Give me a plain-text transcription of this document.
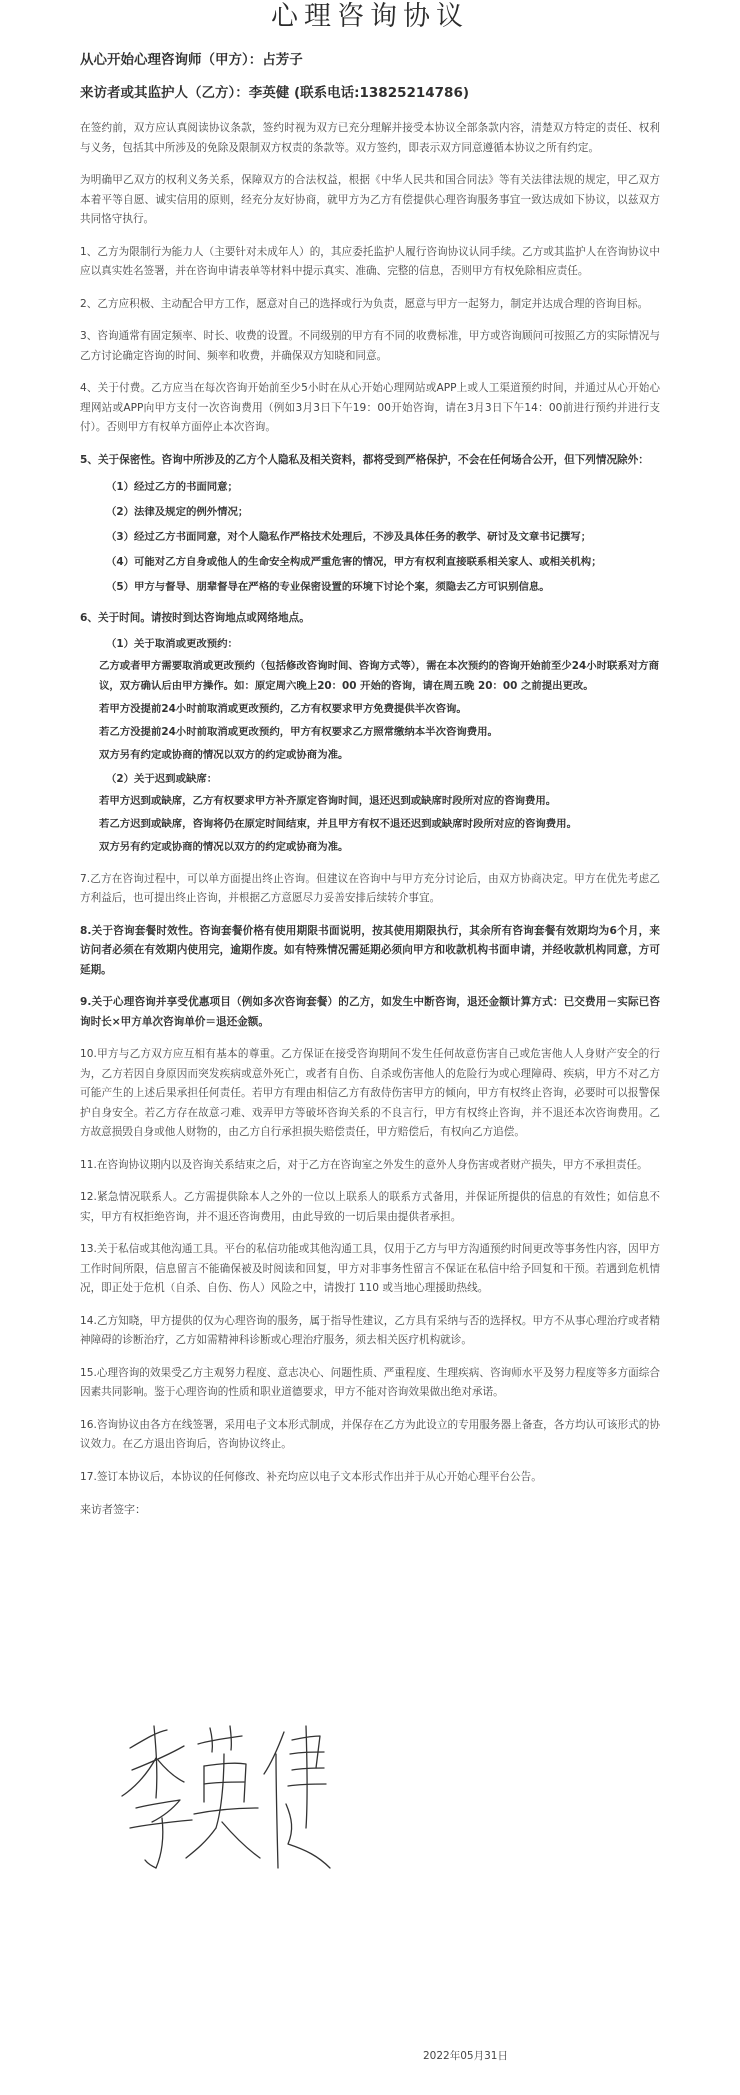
心理咨询协议

从心开始心理咨询师（甲方）：占芳子

来访者或其监护人（乙方）：李英健 (联系电话:13825214786)

在签约前，双方应认真阅读协议条款，签约时视为双方已充分理解并接受本协议全部条款内容，清楚双方特定的责任、权利与义务，包括其中所涉及的免除及限制双方权责的条款等。双方签约，即表示双方同意遵循本协议之所有约定。

为明确甲乙双方的权利义务关系，保障双方的合法权益，根据《中华人民共和国合同法》等有关法律法规的规定，甲乙双方本着平等自愿、诚实信用的原则，经充分友好协商，就甲方为乙方有偿提供心理咨询服务事宜一致达成如下协议，以兹双方共同恪守执行。

1、乙方为限制行为能力人（主要针对未成年人）的，其应委托监护人履行咨询协议认同手续。乙方或其监护人在咨询协议中应以真实姓名签署，并在咨询申请表单等材料中提示真实、准确、完整的信息，否则甲方有权免除相应责任。

2、乙方应积极、主动配合甲方工作，愿意对自己的选择或行为负责，愿意与甲方一起努力，制定并达成合理的咨询目标。

3、咨询通常有固定频率、时长、收费的设置。不同级别的甲方有不同的收费标准，甲方或咨询顾问可按照乙方的实际情况与乙方讨论确定咨询的时间、频率和收费，并确保双方知晓和同意。

4、关于付费。乙方应当在每次咨询开始前至少5小时在从心开始心理网站或APP上或人工渠道预约时间，并通过从心开始心理网站或APP向甲方支付一次咨询费用（例如3月3日下午19：00开始咨询，请在3月3日下午14：00前进行预约并进行支付）。否则甲方有权单方面停止本次咨询。

5、关于保密性。咨询中所涉及的乙方个人隐私及相关资料，都将受到严格保护，不会在任何场合公开，但下列情况除外：

（1）经过乙方的书面同意；
（2）法律及规定的例外情况；
（3）经过乙方书面同意，对个人隐私作严格技术处理后，不涉及具体任务的教学、研讨及文章书记撰写；
（4）可能对乙方自身或他人的生命安全构成严重危害的情况，甲方有权利直接联系相关家人、或相关机构；
（5）甲方与督导、朋辈督导在严格的专业保密设置的环境下讨论个案，须隐去乙方可识别信息。

6、关于时间。请按时到达咨询地点或网络地点。

（1）关于取消或更改预约：

乙方或者甲方需要取消或更改预约（包括修改咨询时间、咨询方式等），需在本次预约的咨询开始前至少24小时联系对方商议，双方确认后由甲方操作。如：原定周六晚上20：00 开始的咨询，请在周五晚 20：00 之前提出更改。

若甲方没提前24小时前取消或更改预约，乙方有权要求甲方免费提供半次咨询。

若乙方没提前24小时前取消或更改预约，甲方有权要求乙方照常缴纳本半次咨询费用。

双方另有约定或协商的情况以双方的约定或协商为准。

（2）关于迟到或缺席：

若甲方迟到或缺席，乙方有权要求甲方补齐原定咨询时间，退还迟到或缺席时段所对应的咨询费用。

若乙方迟到或缺席，咨询将仍在原定时间结束，并且甲方有权不退还迟到或缺席时段所对应的咨询费用。

双方另有约定或协商的情况以双方的约定或协商为准。

7.乙方在咨询过程中，可以单方面提出终止咨询。但建议在咨询中与甲方充分讨论后，由双方协商决定。甲方在优先考虑乙方利益后，也可提出终止咨询，并根据乙方意愿尽力妥善安排后续转介事宜。

8.关于咨询套餐时效性。咨询套餐价格有使用期限书面说明，按其使用期限执行，其余所有咨询套餐有效期均为6个月，来访问者必须在有效期内使用完，逾期作废。如有特殊情况需延期必须向甲方和收款机构书面申请，并经收款机构同意，方可延期。

9.关于心理咨询并享受优惠项目（例如多次咨询套餐）的乙方，如发生中断咨询，退还金额计算方式：已交费用－实际已咨询时长×甲方单次咨询单价＝退还金额。

10.甲方与乙方双方应互相有基本的尊重。乙方保证在接受咨询期间不发生任何故意伤害自己或危害他人人身财产安全的行为，乙方若因自身原因而突发疾病或意外死亡，或者有自伤、自杀或伤害他人的危险行为或心理障碍、疾病，甲方不对乙方可能产生的上述后果承担任何责任。若甲方有理由相信乙方有敌侍伤害甲方的倾向，甲方有权终止咨询，必要时可以报警保护自身安全。若乙方存在故意刁难、戏弄甲方等破坏咨询关系的不良言行，甲方有权终止咨询，并不退还本次咨询费用。乙方故意损毁自身或他人财物的，由乙方自行承担损失赔偿责任，甲方赔偿后，有权向乙方追偿。

11.在咨询协议期内以及咨询关系结束之后，对于乙方在咨询室之外发生的意外人身伤害或者财产损失，甲方不承担责任。

12.紧急情况联系人。乙方需提供除本人之外的一位以上联系人的联系方式备用，并保证所提供的信息的有效性；如信息不实，甲方有权拒绝咨询，并不退还咨询费用，由此导致的一切后果由提供者承担。

13.关于私信或其他沟通工具。平台的私信功能或其他沟通工具，仅用于乙方与甲方沟通预约时间更改等事务性内容，因甲方工作时间所限，信息留言不能确保被及时阅读和回复，甲方对非事务性留言不保证在私信中给予回复和干预。若遇到危机情况，即正处于危机（自杀、自伤、伤人）风险之中，请拨打 110 或当地心理援助热线。

14.乙方知晓，甲方提供的仅为心理咨询的服务，属于指导性建议，乙方具有采纳与否的选择权。甲方不从事心理治疗或者精神障碍的诊断治疗，乙方如需精神科诊断或心理治疗服务，须去相关医疗机构就诊。

15.心理咨询的效果受乙方主观努力程度、意志决心、问题性质、严重程度、生理疾病、咨询师水平及努力程度等多方面综合因素共同影响。鉴于心理咨询的性质和职业道德要求，甲方不能对咨询效果做出绝对承诺。

16.咨询协议由各方在线签署，采用电子文本形式制成，并保存在乙方为此设立的专用服务器上备查，各方均认可该形式的协议效力。在乙方退出咨询后，咨询协议终止。

17.签订本协议后，本协议的任何修改、补充均应以电子文本形式作出并于从心开始心理平台公告。

来访者签字：

2022年05月31日
